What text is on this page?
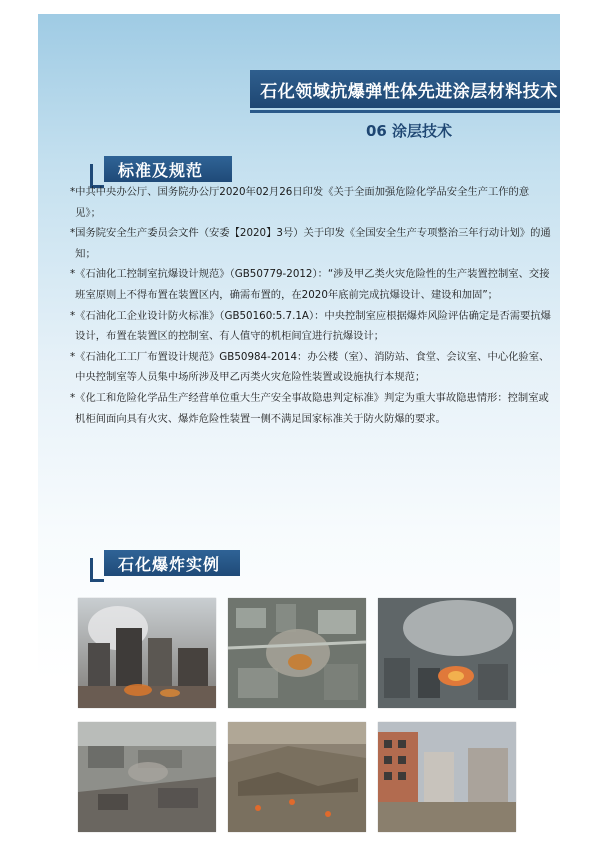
石化领域抗爆弹性体先进涂层材料技术
06 涂层技术
标准及规范
石化爆炸实例
* 中共中央办公厅、国务院办公厅2020年02月26日印发《关于全面加强危险化学品安全生产工作的意见》；
* 国务院安全生产委员会文件（安委【2020】3号）关于印发《全国安全生产专项整治三年行动计划》的通知；
* 《石油化工控制室抗爆设计规范》（GB50779-2012）：“涉及甲乙类火灾危险性的生产装置控制室、交接班室原则上不得布置在装置区内，确需布置的，在2020年底前完成抗爆设计、建设和加固”；
* 《石油化工企业设计防火标准》（GB50160:5.7.1A）：中央控制室应根据爆炸风险评估确定是否需要抗爆设计，布置在装置区的控制室、有人值守的机柜间宜进行抗爆设计；
* 《石油化工工厂布置设计规范》GB50984-2014：办公楼（室）、消防站、食堂、会议室、中心化验室、中央控制室等人员集中场所涉及甲乙丙类火灾危险性装置或设施执行本规范；
* 《化工和危险化学品生产经营单位重大生产安全事故隐患判定标准》判定为重大事故隐患情形：控制室或机柜间面向具有火灾、爆炸危险性装置一侧不满足国家标准关于防火防爆的要求。
